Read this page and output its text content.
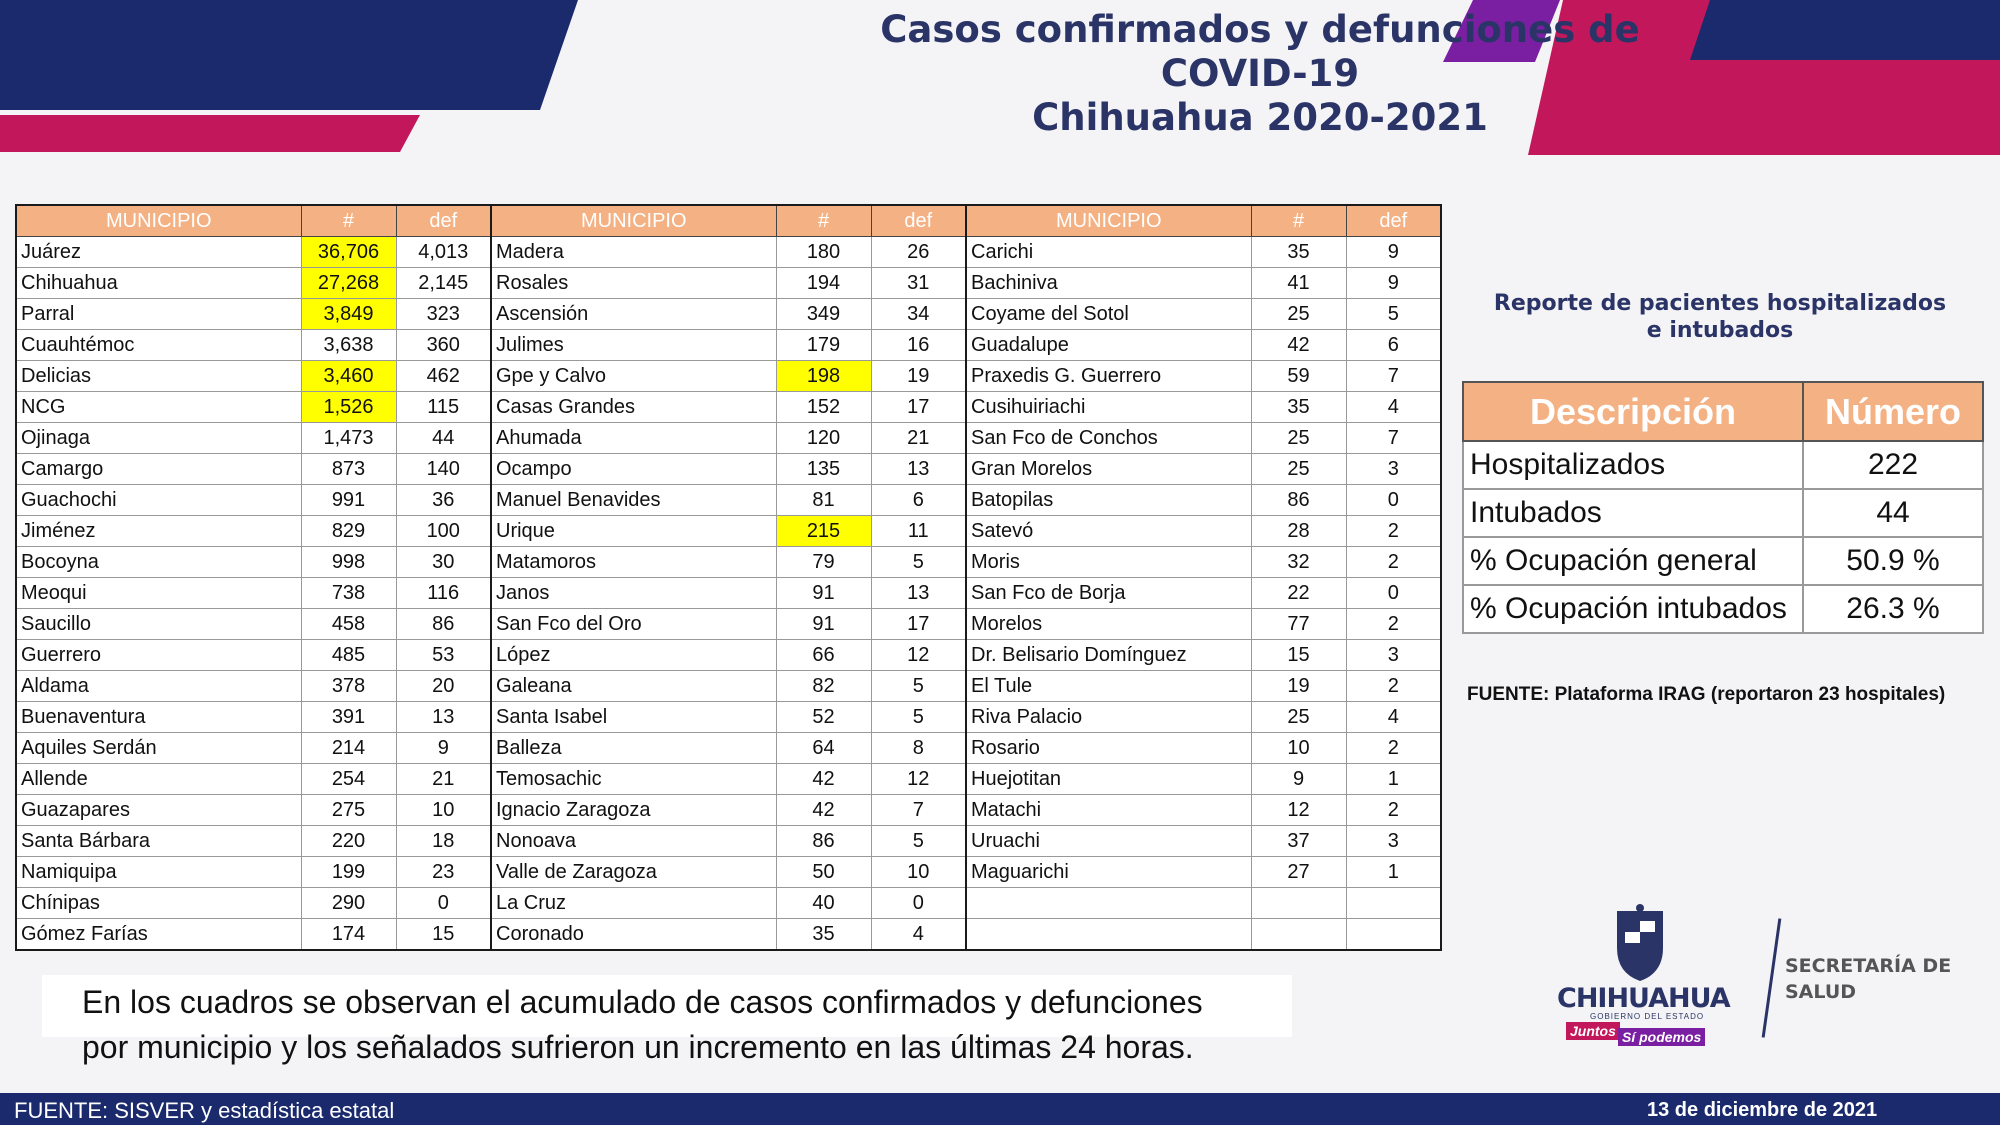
Casos confirmados y defunciones de
COVID-19
Chihuahua 2020-2021
MUNICIPIO	#	def	MUNICIPIO	#	def	MUNICIPIO	#	def
Juárez	36,706	4,013	Madera	180	26	Carichi	35	9
Chihuahua	27,268	2,145	Rosales	194	31	Bachiniva	41	9
Parral	3,849	323	Ascensión	349	34	Coyame del Sotol	25	5
Cuauhtémoc	3,638	360	Julimes	179	16	Guadalupe	42	6
Delicias	3,460	462	Gpe y Calvo	198	19	Praxedis G. Guerrero	59	7
NCG	1,526	115	Casas Grandes	152	17	Cusihuiriachi	35	4
Ojinaga	1,473	44	Ahumada	120	21	San Fco de Conchos	25	7
Camargo	873	140	Ocampo	135	13	Gran Morelos	25	3
Guachochi	991	36	Manuel Benavides	81	6	Batopilas	86	0
Jiménez	829	100	Urique	215	11	Satevó	28	2
Bocoyna	998	30	Matamoros	79	5	Moris	32	2
Meoqui	738	116	Janos	91	13	San Fco de Borja	22	0
Saucillo	458	86	San Fco del Oro	91	17	Morelos	77	2
Guerrero	485	53	López	66	12	Dr. Belisario Domínguez	15	3
Aldama	378	20	Galeana	82	5	El Tule	19	2
Buenaventura	391	13	Santa Isabel	52	5	Riva Palacio	25	4
Aquiles Serdán	214	9	Balleza	64	8	Rosario	10	2
Allende	254	21	Temosachic	42	12	Huejotitan	9	1
Guazapares	275	10	Ignacio Zaragoza	42	7	Matachi	12	2
Santa Bárbara	220	18	Nonoava	86	5	Uruachi	37	3
Namiquipa	199	23	Valle de Zaragoza	50	10	Maguarichi	27	1
Chínipas	290	0	La Cruz	40	0			
Gómez Farías	174	15	Coronado	35	4			
Reporte de pacientes hospitalizados
e intubados
Descripción	Número
Hospitalizados	222
Intubados	44
% Ocupación general	50.9 %
% Ocupación intubados	26.3 %
FUENTE: Plataforma IRAG (reportaron 23 hospitales)
En los cuadros se observan el acumulado de casos confirmados y defunciones
por municipio y los señalados sufrieron un incremento en las últimas 24 horas.
CHIHUAHUA
GOBIERNO DEL ESTADO
Juntos Sí podemos
SECRETARÍA DE
SALUD
FUENTE: SISVER y estadística estatal	13 de diciembre de 2021
